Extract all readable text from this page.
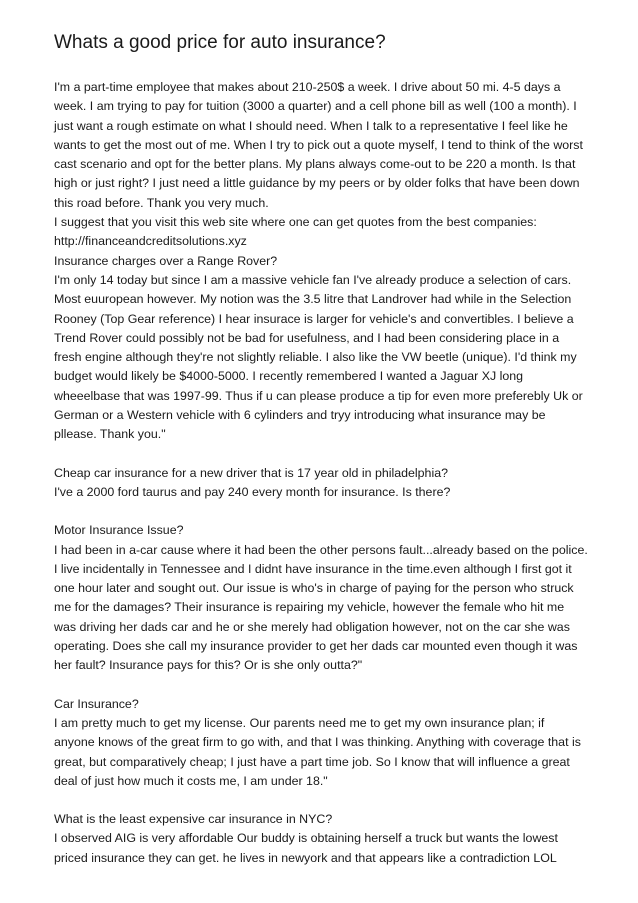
Whats a good price for auto insurance?

I'm a part-time employee that makes about 210-250$ a week. I drive about 50 mi. 4-5 days a week. I am trying to pay for tuition (3000 a quarter) and a cell phone bill as well (100 a month). I just want a rough estimate on what I should need. When I talk to a representative I feel like he wants to get the most out of me. When I try to pick out a quote myself, I tend to think of the worst cast scenario and opt for the better plans. My plans always come-out to be 220 a month. Is that high or just right? I just need a little guidance by my peers or by older folks that have been down this road before. Thank you very much.

I suggest that you visit this web site where one can get quotes from the best companies:

http://financeandcreditsolutions.xyz

Insurance charges over a Range Rover?

I'm only 14 today but since I am a massive vehicle fan I've already produce a selection of cars. Most euuropean however. My notion was the 3.5 litre that Landrover had while in the Selection Rooney (Top Gear reference) I hear insurace is larger for vehicle's and convertibles. I believe a Trend Rover could possibly not be bad for usefulness, and I had been considering place in a fresh engine although they're not slightly reliable. I also like the VW beetle (unique). I'd think my budget would likely be $4000-5000. I recently remembered I wanted a Jaguar XJ long wheeelbase that was 1997-99. Thus if u can please produce a tip for even more preferebly Uk or German or a Western vehicle with 6 cylinders and tryy introducing what insurance may be pllease. Thank you."

Cheap car insurance for a new driver that is 17 year old in philadelphia?

I've a 2000 ford taurus and pay 240 every month for insurance. Is there?

Motor Insurance Issue?

I had been in a-car cause where it had been the other persons fault...already based on the police. I live incidentally in Tennessee and I didnt have insurance in the time.even although I first got it one hour later and sought out. Our issue is who's in charge of paying for the person who struck me for the damages? Their insurance is repairing my vehicle, however the female who hit me was driving her dads car and he or she merely had obligation however, not on the car she was operating. Does she call my insurance provider to get her dads car mounted even though it was her fault? Insurance pays for this? Or is she only outta?"

Car Insurance?

I am pretty much to get my license. Our parents need me to get my own insurance plan; if anyone knows of the great firm to go with, and that I was thinking. Anything with coverage that is great, but comparatively cheap; I just have a part time job. So I know that will influence a great deal of just how much it costs me, I am under 18."

What is the least expensive car insurance in NYC?

I observed AIG is very affordable Our buddy is obtaining herself a truck but wants the lowest priced insurance they can get. he lives in newyork and that appears like a contradiction LOL
